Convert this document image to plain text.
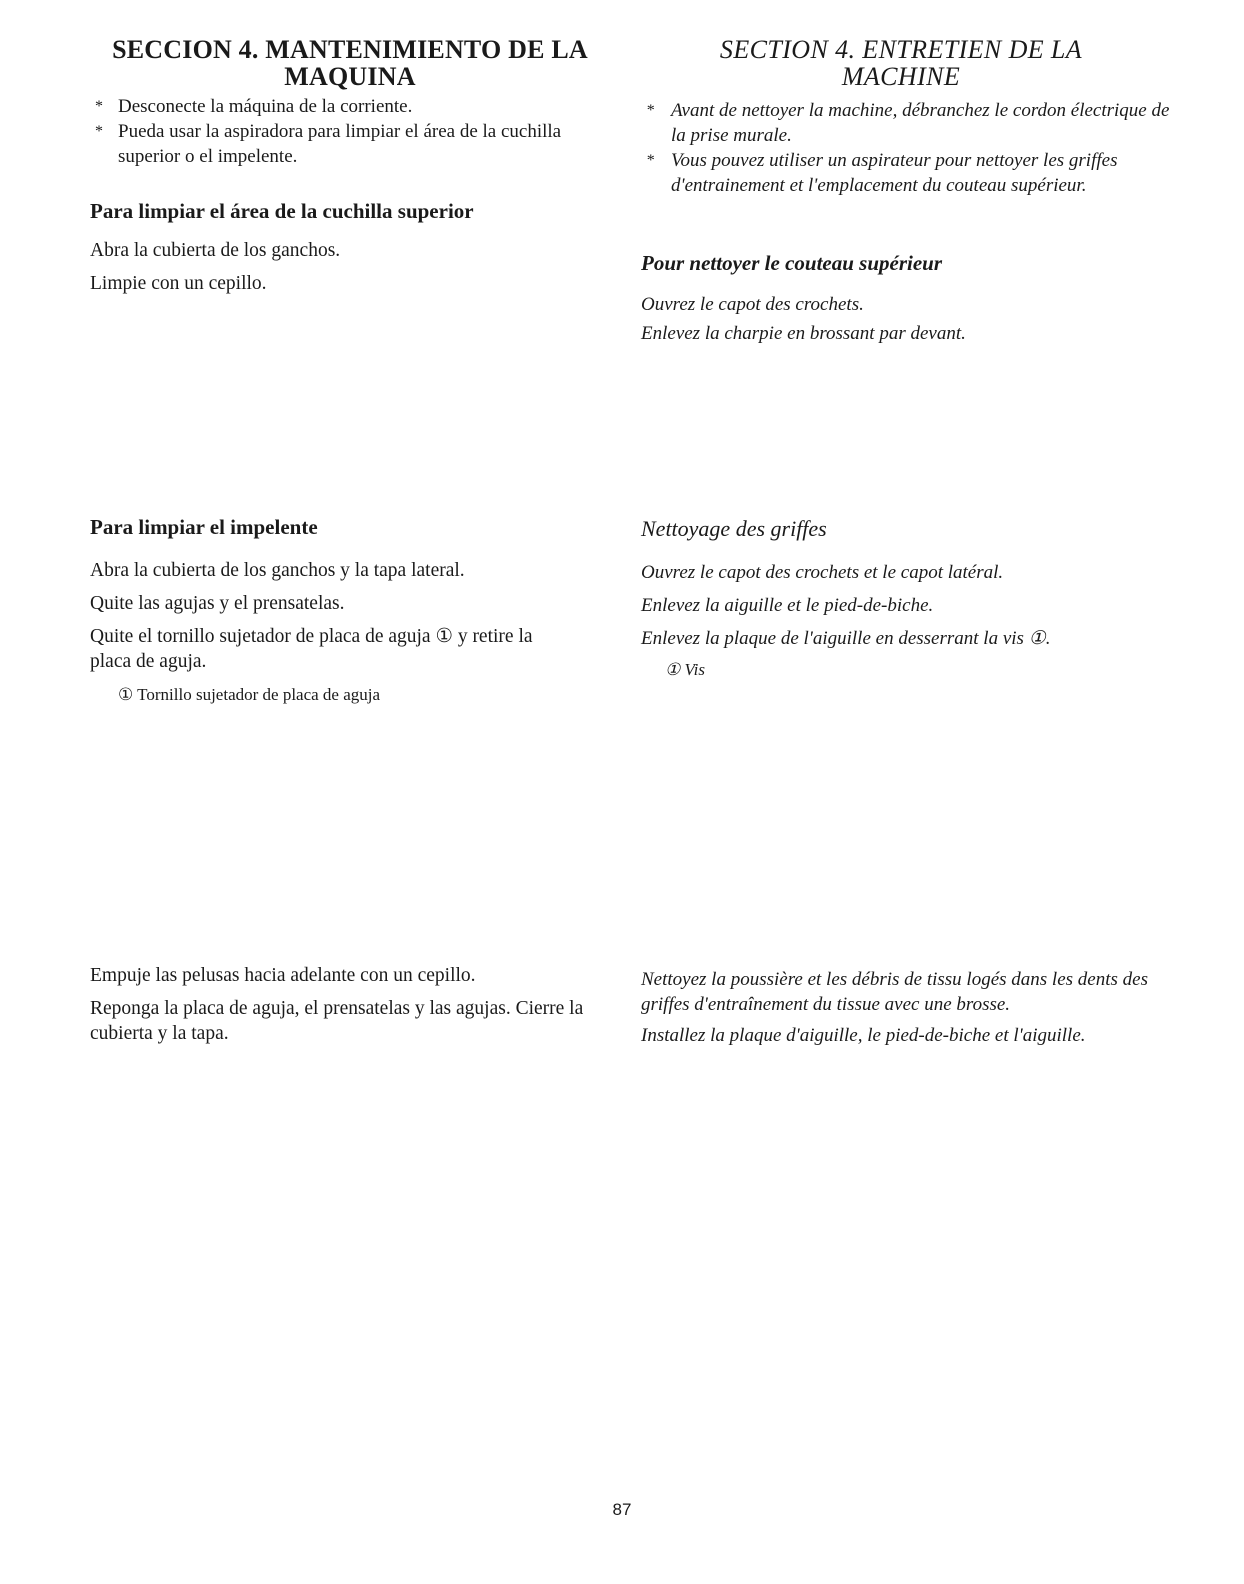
SECCION 4. MANTENIMIENTO DE LA
MAQUINA
* Desconecte la máquina de la corriente.
* Pueda usar la aspiradora para limpiar el área de la cuchilla superior o el impelente.
Para limpiar el área de la cuchilla superior

Abra la cubierta de los ganchos.

Limpie con un cepillo.

Para limpiar el impelente

Abra la cubierta de los ganchos y la tapa lateral.

Quite las agujas y el prensatelas.

Quite el tornillo sujetador de placa de aguja ① y retire la placa de aguja.

① Tornillo sujetador de placa de aguja

Empuje las pelusas hacia adelante con un cepillo.

Reponga la placa de aguja, el prensatelas y las agujas. Cierre la cubierta y la tapa.

SECTION 4. ENTRETIEN DE LA
MACHINE
* Avant de nettoyer la machine, débranchez le cordon électrique de la prise murale.
* Vous pouvez utiliser un aspirateur pour nettoyer les griffes d'entrainement et l'emplacement du couteau supérieur.
Pour nettoyer le couteau supérieur

Ouvrez le capot des crochets.

Enlevez la charpie en brossant par devant.

Nettoyage des griffes

Ouvrez le capot des crochets et le capot latéral.

Enlevez la aiguille et le pied-de-biche.

Enlevez la plaque de l'aiguille en desserrant la vis ①.

① Vis

Nettoyez la poussière et les débris de tissu logés dans les dents des griffes d'entraînement du tissue avec une brosse.

Installez la plaque d'aiguille, le pied-de-biche et l'aiguille.

87
